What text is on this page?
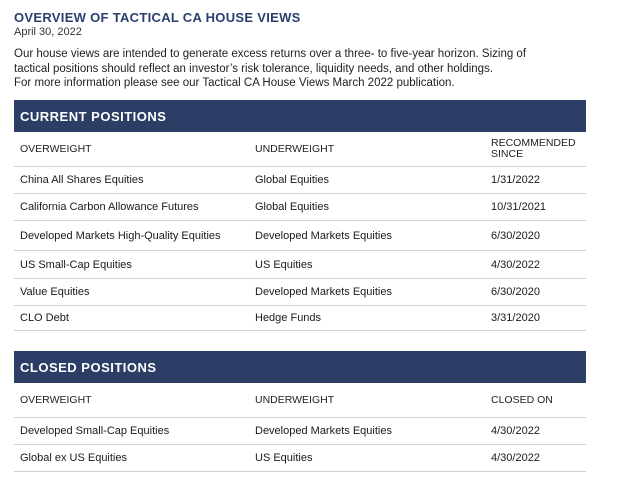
OVERVIEW OF TACTICAL CA HOUSE VIEWS
April 30, 2022
Our house views are intended to generate excess returns over a three- to five-year horizon. Sizing of
tactical positions should reflect an investor’s risk tolerance, liquidity needs, and other holdings.
For more information please see our Tactical CA House Views March 2022 publication.
CURRENT POSITIONS
OVERWEIGHT	UNDERWEIGHT	RECOMMENDED SINCE
China All Shares Equities	Global Equities	1/31/2022
California Carbon Allowance Futures	Global Equities	10/31/2021
Developed Markets High-Quality Equities	Developed Markets Equities	6/30/2020
US Small-Cap Equities	US Equities	4/30/2022
Value Equities	Developed Markets Equities	6/30/2020
CLO Debt	Hedge Funds	3/31/2020
CLOSED POSITIONS
OVERWEIGHT	UNDERWEIGHT	CLOSED ON
Developed Small-Cap Equities	Developed Markets Equities	4/30/2022
Global ex US Equities	US Equities	4/30/2022
